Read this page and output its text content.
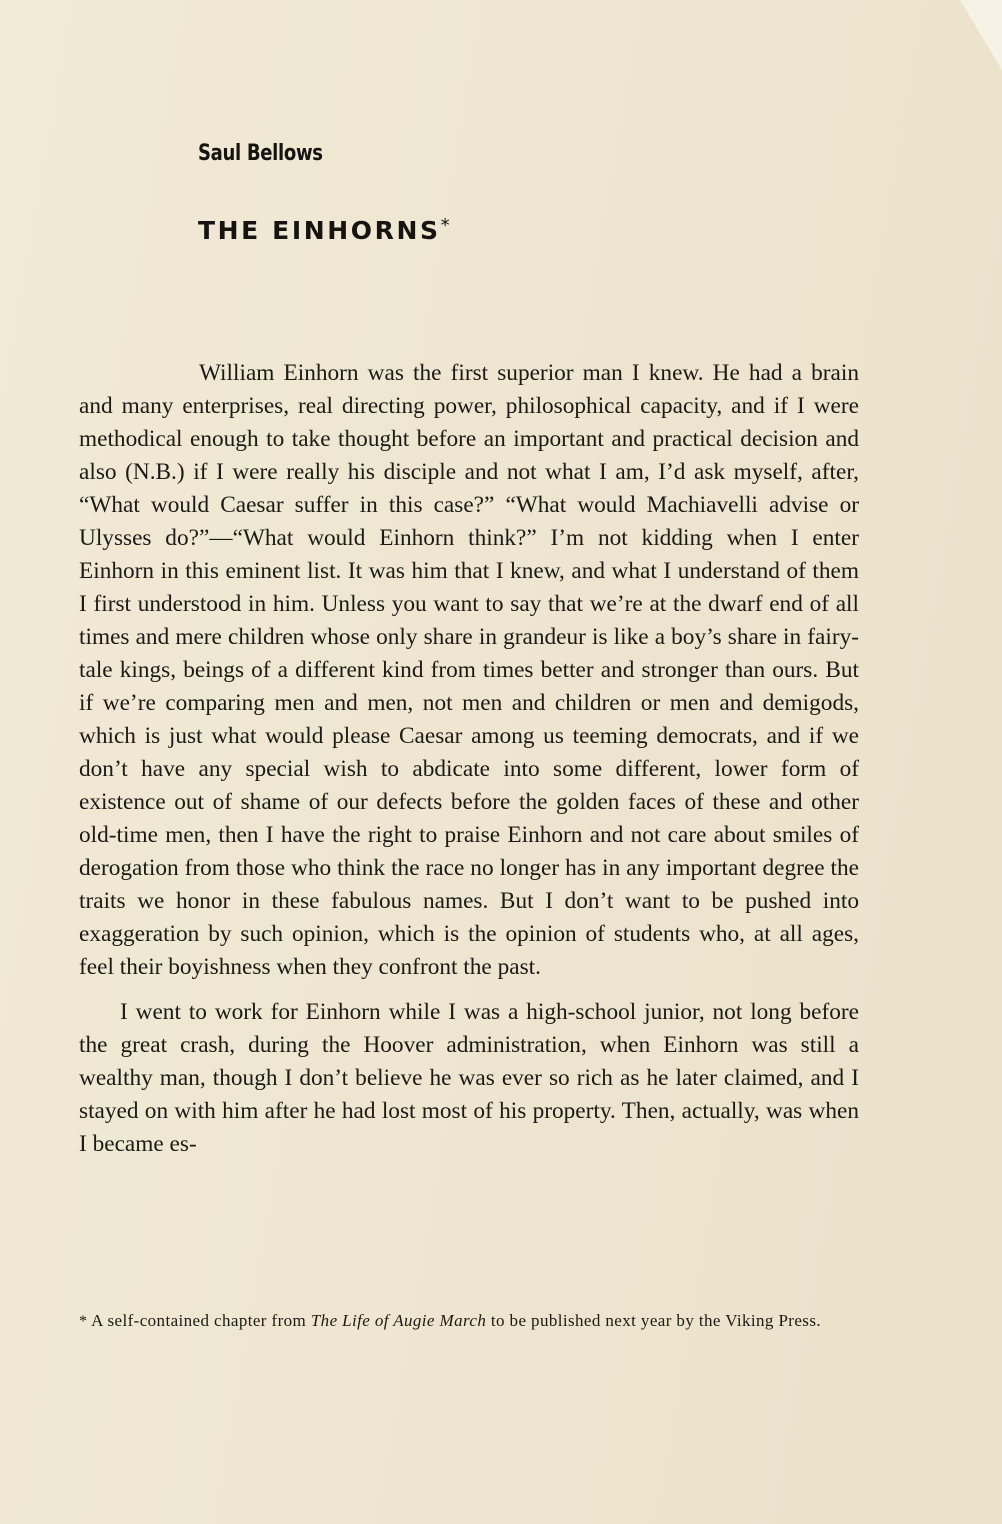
Saul Bellows
THE EINHORNS*

William Einhorn was the first superior man I knew. He had a brain and many enterprises, real directing power, philosophical capacity, and if I were methodical enough to take thought before an important and practical decision and also (N.B.) if I were really his disciple and not what I am, I’d ask myself, after, “What would Caesar suffer in this case?” “What would Machiavelli advise or Ulysses do?”—“What would Einhorn think?” I’m not kidding when I enter Einhorn in this eminent list. It was him that I knew, and what I understand of them I first understood in him. Unless you want to say that we’re at the dwarf end of all times and mere children whose only share in grandeur is like a boy’s share in fairy-tale kings, beings of a different kind from times better and stronger than ours. But if we’re comparing men and men, not men and children or men and demigods, which is just what would please Caesar among us teeming democrats, and if we don’t have any special wish to abdicate into some different, lower form of existence out of shame of our defects before the golden faces of these and other old-time men, then I have the right to praise Einhorn and not care about smiles of derogation from those who think the race no longer has in any important degree the traits we honor in these fabulous names. But I don’t want to be pushed into exaggeration by such opinion, which is the opinion of students who, at all ages, feel their boyishness when they confront the past.

I went to work for Einhorn while I was a high-school junior, not long before the great crash, during the Hoover administration, when Einhorn was still a wealthy man, though I don’t believe he was ever so rich as he later claimed, and I stayed on with him after he had lost most of his property. Then, actually, was when I became es-

* A self-contained chapter from The Life of Augie March to be published next year by the Viking Press.
